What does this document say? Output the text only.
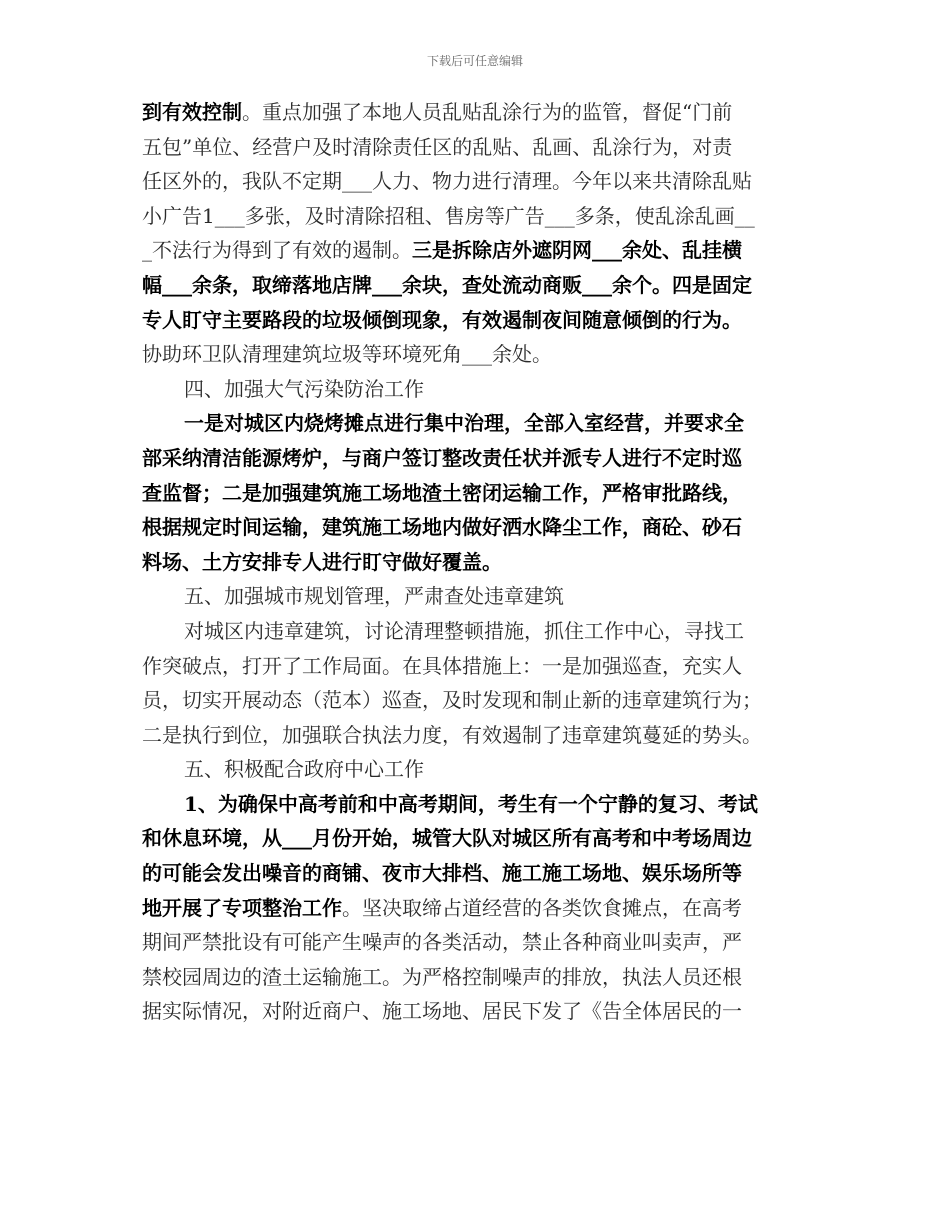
下载后可任意编辑
到有效控制。重点加强了本地人员乱贴乱涂行为的监管，督促“门前
五包”单位、经营户及时清除责任区的乱贴、乱画、乱涂行为，对责
任区外的，我队不定期___人力、物力进行清理。今年以来共清除乱贴
小广告1___多张，及时清除招租、售房等广告___多条，使乱涂乱画__
_不法行为得到了有效的遏制。三是拆除店外遮阴网___余处、乱挂横
幅___余条，取缔落地店牌___余块，查处流动商贩___余个。四是固定
专人盯守主要路段的垃圾倾倒现象，有效遏制夜间随意倾倒的行为。
协助环卫队清理建筑垃圾等环境死角___余处。
四、加强大气污染防治工作
一是对城区内烧烤摊点进行集中治理，全部入室经营，并要求全
部采纳清洁能源烤炉，与商户签订整改责任状并派专人进行不定时巡
查监督；二是加强建筑施工场地渣土密闭运输工作，严格审批路线，
根据规定时间运输，建筑施工场地内做好洒水降尘工作，商砼、砂石
料场、土方安排专人进行盯守做好覆盖。
五、加强城市规划管理，严肃查处违章建筑
对城区内违章建筑，讨论清理整顿措施，抓住工作中心，寻找工
作突破点，打开了工作局面。在具体措施上：一是加强巡查，充实人
员，切实开展动态（范本）巡查，及时发现和制止新的违章建筑行为；
二是执行到位，加强联合执法力度，有效遏制了违章建筑蔓延的势头。
五、积极配合政府中心工作
1、为确保中高考前和中高考期间，考生有一个宁静的复习、考试
和休息环境，从___月份开始，城管大队对城区所有高考和中考场周边
的可能会发出噪音的商铺、夜市大排档、施工施工场地、娱乐场所等
地开展了专项整治工作。坚决取缔占道经营的各类饮食摊点，在高考
期间严禁批设有可能产生噪声的各类活动，禁止各种商业叫卖声，严
禁校园周边的渣土运输施工。为严格控制噪声的排放，执法人员还根
据实际情况，对附近商户、施工场地、居民下发了《告全体居民的一
